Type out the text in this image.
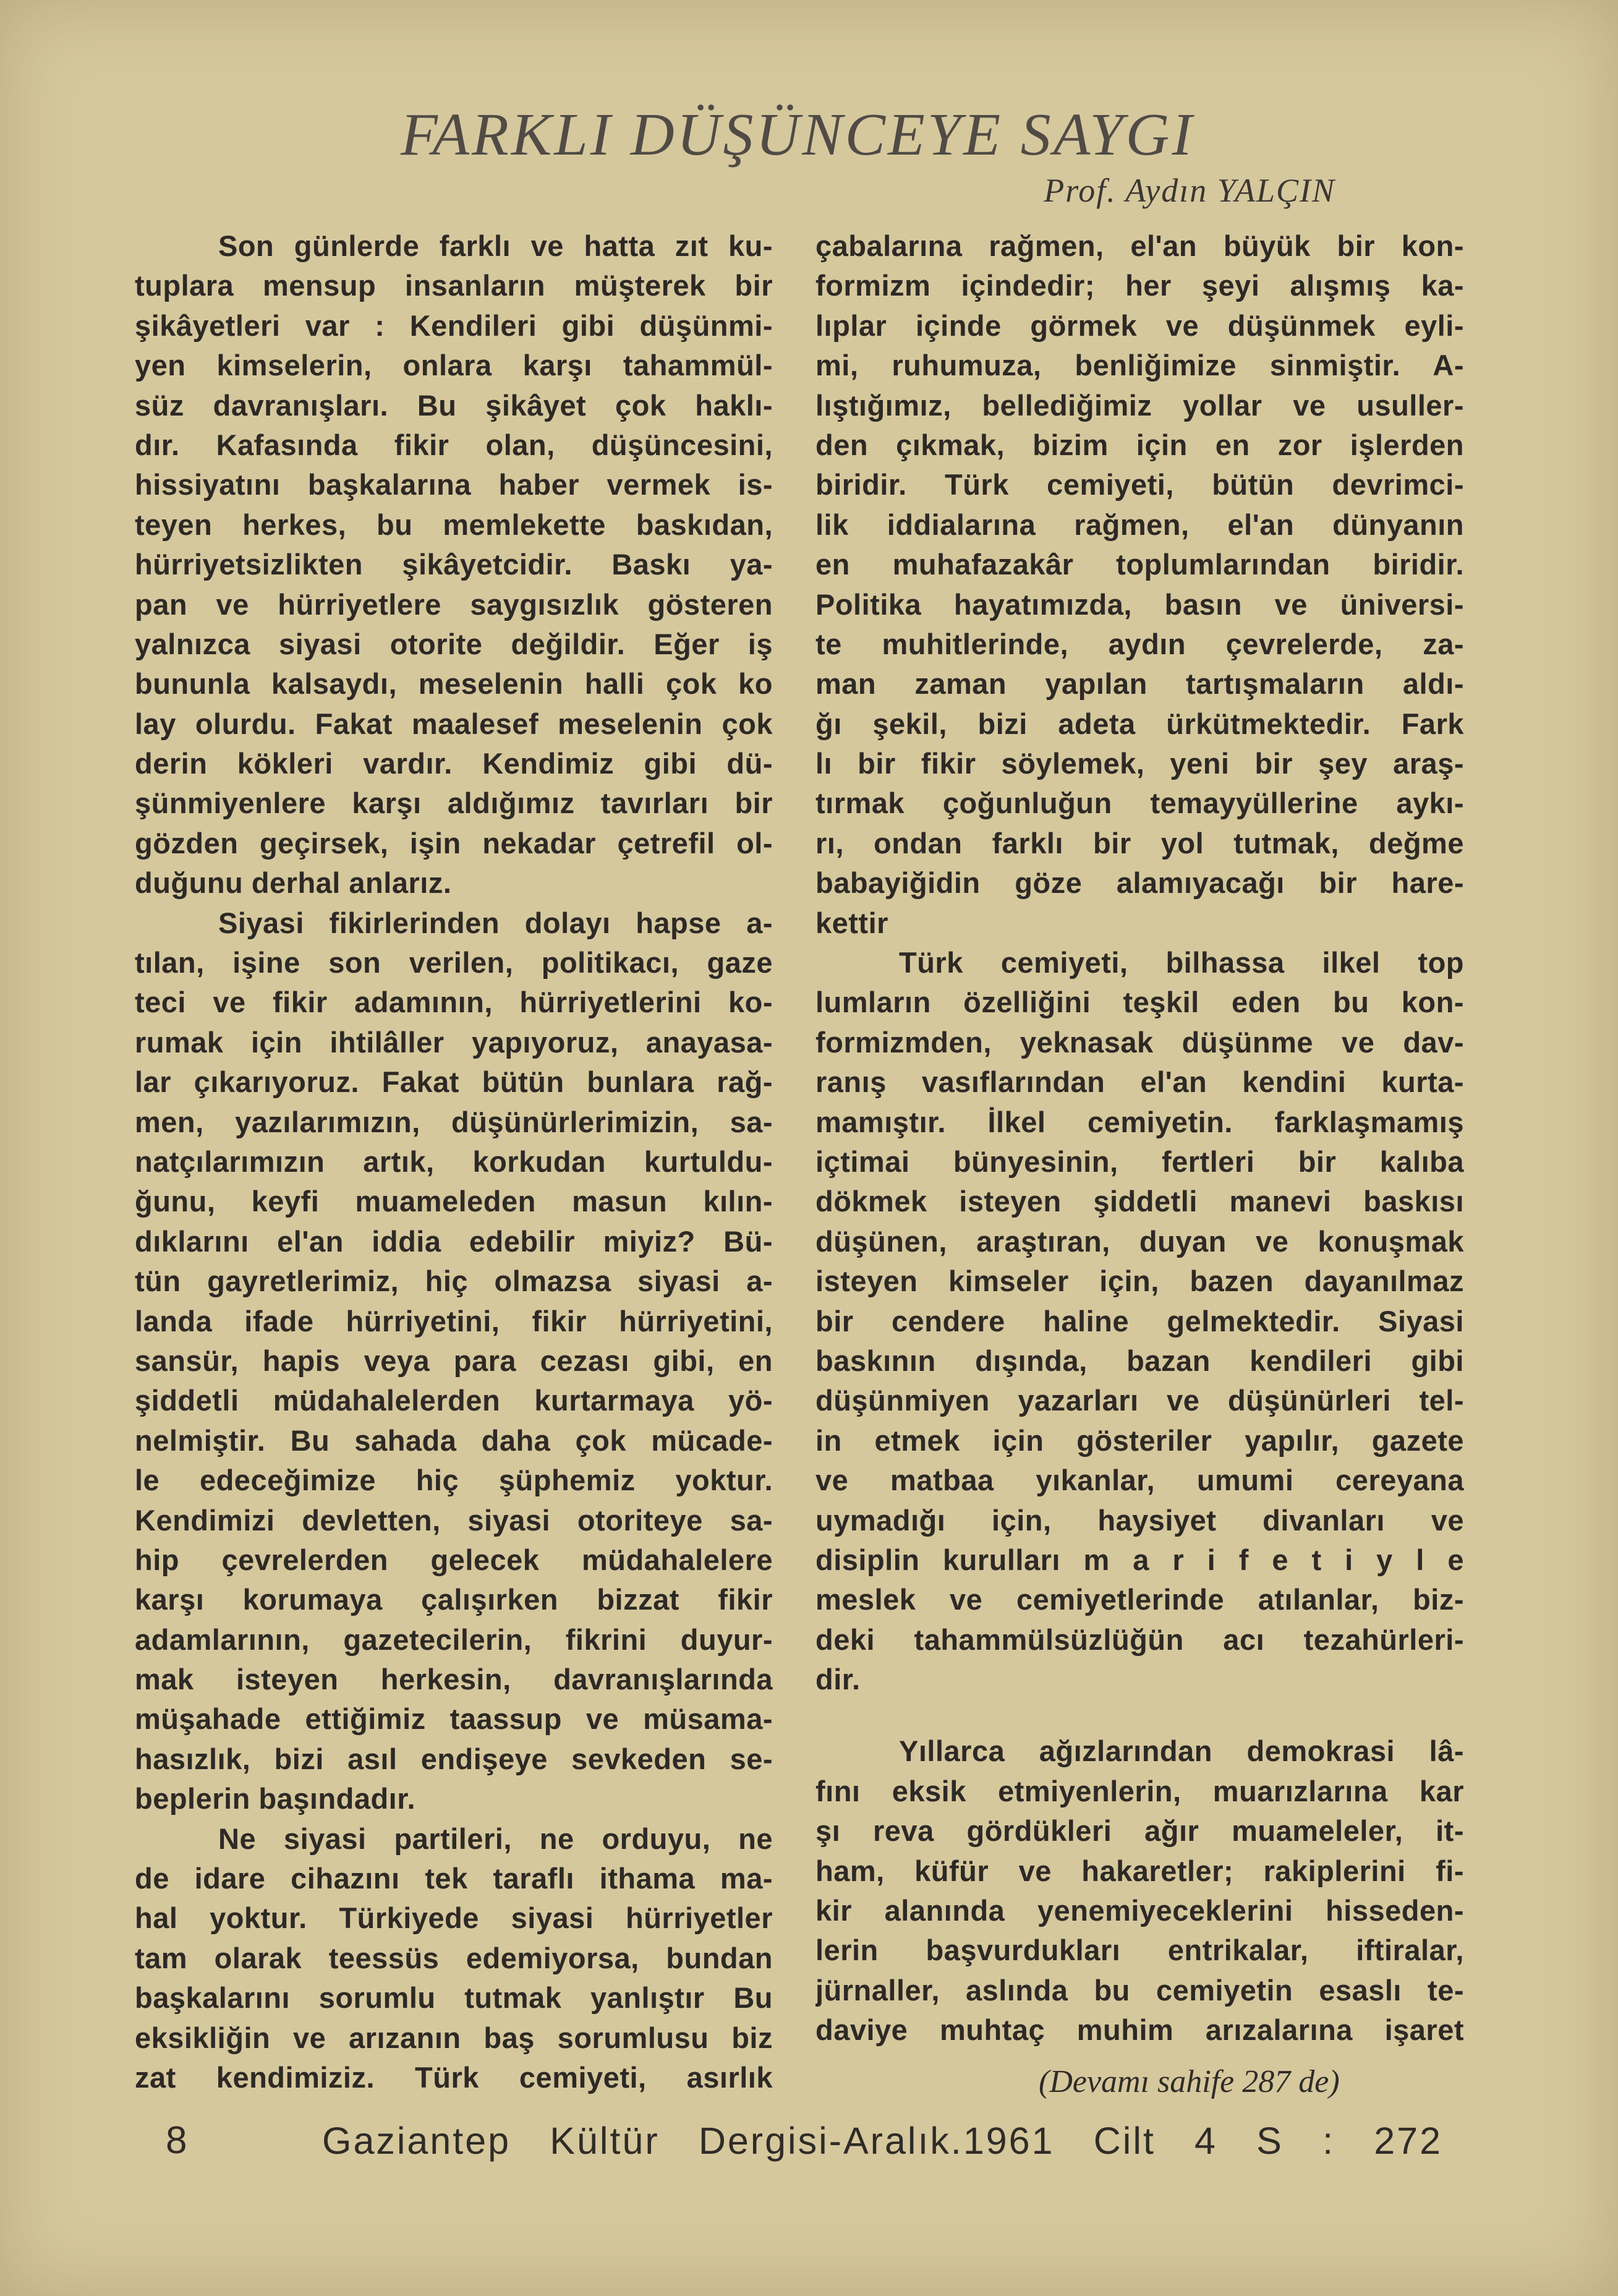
FARKLI DÜŞÜNCEYE SAYGI
Prof. Aydın YALÇIN
Son günlerde farklı ve hatta zıt ku-
tuplara mensup insanların müşterek bir
şikâyetleri var : Kendileri gibi düşünmi-
yen kimselerin, onlara karşı tahammül-
süz davranışları. Bu şikâyet çok haklı-
dır. Kafasında fikir olan, düşüncesini,
hissiyatını başkalarına haber vermek is-
teyen herkes, bu memlekette baskıdan,
hürriyetsizlikten şikâyetcidir. Baskı ya-
pan ve hürriyetlere saygısızlık gösteren
yalnızca siyasi otorite değildir. Eğer iş
bununla kalsaydı, meselenin halli çok ko
lay olurdu. Fakat maalesef meselenin çok
derin kökleri vardır. Kendimiz gibi dü-
şünmiyenlere karşı aldığımız tavırları bir
gözden geçirsek, işin nekadar çetrefil ol-
duğunu derhal anlarız.
Siyasi fikirlerinden dolayı hapse a-
tılan, işine son verilen, politikacı, gaze
teci ve fikir adamının, hürriyetlerini ko-
rumak için ihtilâller yapıyoruz, anayasa-
lar çıkarıyoruz. Fakat bütün bunlara rağ-
men, yazılarımızın, düşünürlerimizin, sa-
natçılarımızın artık, korkudan kurtuldu-
ğunu, keyfi muameleden masun kılın-
dıklarını el'an iddia edebilir miyiz? Bü-
tün gayretlerimiz, hiç olmazsa siyasi a-
landa ifade hürriyetini, fikir hürriyetini,
sansür, hapis veya para cezası gibi, en
şiddetli müdahalelerden kurtarmaya yö-
nelmiştir. Bu sahada daha çok mücade-
le edeceğimize hiç şüphemiz yoktur.
Kendimizi devletten, siyasi otoriteye sa-
hip çevrelerden gelecek müdahalelere
karşı korumaya çalışırken bizzat fikir
adamlarının, gazetecilerin, fikrini duyur-
mak isteyen herkesin, davranışlarında
müşahade ettiğimiz taassup ve müsama-
hasızlık, bizi asıl endişeye sevkeden se-
beplerin başındadır.
Ne siyasi partileri, ne orduyu, ne
de idare cihazını tek taraflı ithama ma-
hal yoktur. Türkiyede siyasi hürriyetler
tam olarak teessüs edemiyorsa, bundan
başkalarını sorumlu tutmak yanlıştır Bu
eksikliğin ve arızanın baş sorumlusu biz
zat kendimiziz. Türk cemiyeti, asırlık
çabalarına rağmen, el'an büyük bir kon-
formizm içindedir; her şeyi alışmış ka-
lıplar içinde görmek ve düşünmek eyli-
mi, ruhumuza, benliğimize sinmiştir. A-
lıştığımız, bellediğimiz yollar ve usuller-
den çıkmak, bizim için en zor işlerden
biridir. Türk cemiyeti, bütün devrimci-
lik iddialarına rağmen, el'an dünyanın
en muhafazakâr toplumlarından biridir.
Politika hayatımızda, basın ve üniversi-
te muhitlerinde, aydın çevrelerde, za-
man zaman yapılan tartışmaların aldı-
ğı şekil, bizi adeta ürkütmektedir. Fark
lı bir fikir söylemek, yeni bir şey araş-
tırmak çoğunluğun temayyüllerine aykı-
rı, ondan farklı bir yol tutmak, değme
babayiğidin göze alamıyacağı bir hare-
kettir
Türk cemiyeti, bilhassa ilkel top
lumların özelliğini teşkil eden bu kon-
formizmden, yeknasak düşünme ve dav-
ranış vasıflarından el'an kendini kurta-
mamıştır. İlkel cemiyetin. farklaşmamış
içtimai bünyesinin, fertleri bir kalıba
dökmek isteyen şiddetli manevi baskısı
düşünen, araştıran, duyan ve konuşmak
isteyen kimseler için, bazen dayanılmaz
bir cendere haline gelmektedir. Siyasi
baskının dışında, bazan kendileri gibi
düşünmiyen yazarları ve düşünürleri tel-
in etmek için gösteriler yapılır, gazete
ve matbaa yıkanlar, umumi cereyana
uymadığı için, haysiyet divanları ve
disiplin kurulları m a r i f e t i y l e
meslek ve cemiyetlerinde atılanlar, biz-
deki tahammülsüzlüğün acı tezahürleri-
dir.
Yıllarca ağızlarından demokrasi lâ-
fını eksik etmiyenlerin, muarızlarına kar
şı reva gördükleri ağır muameleler, it-
ham, küfür ve hakaretler; rakiplerini fi-
kir alanında yenemiyeceklerini hisseden-
lerin başvurdukları entrikalar, iftiralar,
jürnaller, aslında bu cemiyetin esaslı te-
daviye muhtaç muhim arızalarına işaret
(Devamı sahife 287 de)
8	Gaziantep Kültür Dergisi-Aralık.1961 Cilt 4 S : 272
